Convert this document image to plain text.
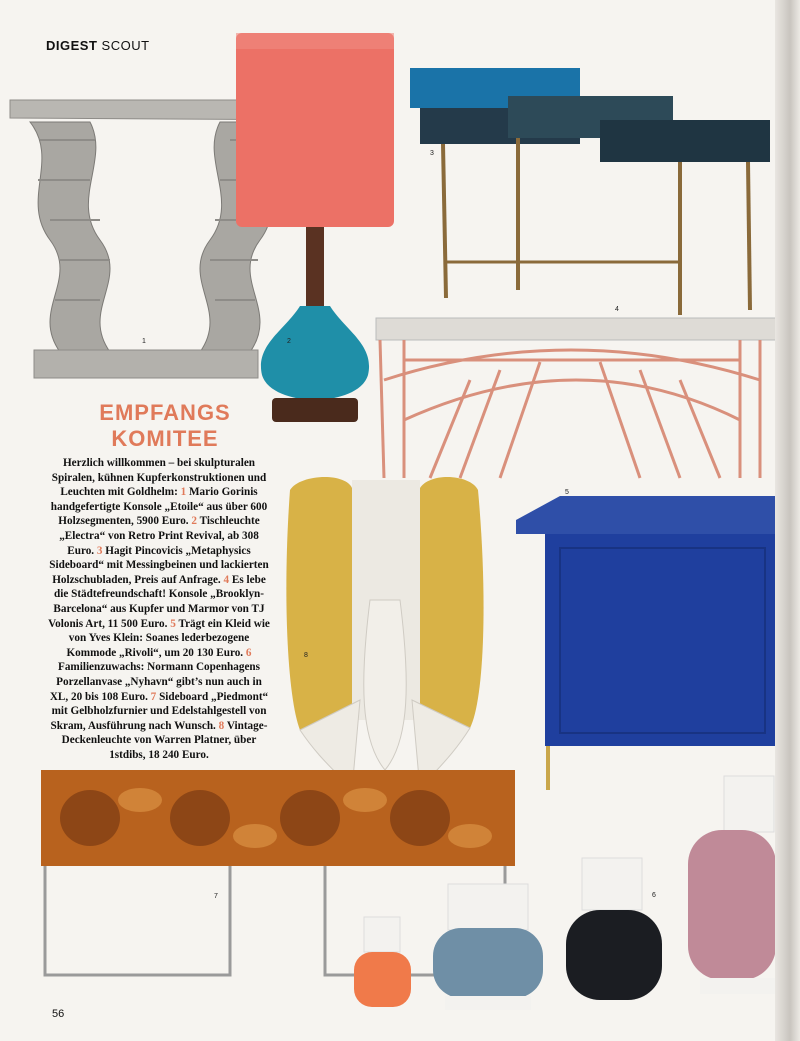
DIGEST SCOUT
1	2
3
4
5
6
7
8
EMPFANGS
KOMITEE
Herzlich willkommen – bei skulpturalen Spiralen, kühnen Kupferkonstruktionen und Leuchten mit Goldhelm: 1 Mario Gorinis handgefertigte Konsole „Etoile“ aus über 600 Holzsegmenten, 5900 Euro. 2 Tischleuchte „Electra“ von Retro Print Revival, ab 308 Euro. 3 Hagit Pincovicis „Metaphysics Sideboard“ mit Messingbeinen und lackierten Holzschubladen, Preis auf Anfrage. 4 Es lebe die Städtefreundschaft! Konsole „Brooklyn-Barcelona“ aus Kupfer und Marmor von TJ Volonis Art, 11 500 Euro. 5 Trägt ein Kleid wie von Yves Klein: Soanes lederbezogene Kommode „Rivoli“, um 20 130 Euro. 6 Familienzuwachs: Normann Copenhagens Porzellanvase „Nyhavn“ gibt’s nun auch in XL, 20 bis 108 Euro. 7 Sideboard „Piedmont“ mit Gelbholzfurnier und Edelstahlgestell von Skram, Ausführung nach Wunsch. 8 Vintage-Deckenleuchte von Warren Platner, über 1stdibs, 18 240 Euro.
56
